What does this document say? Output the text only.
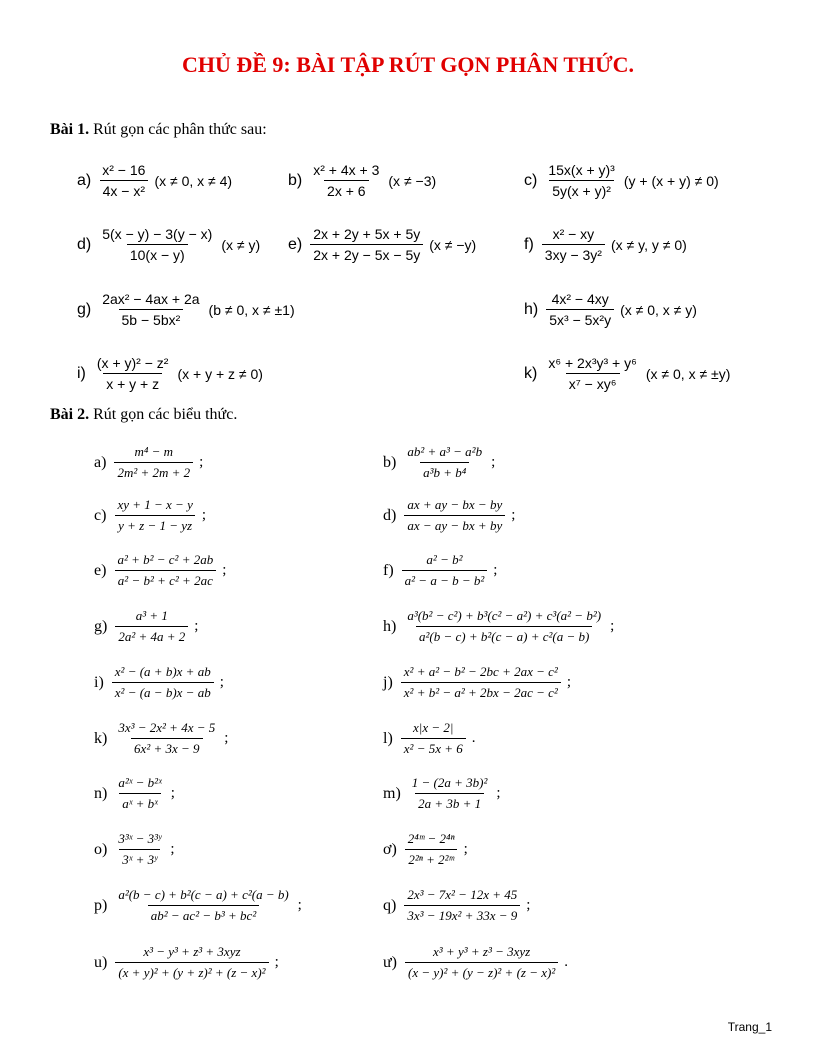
CHỦ ĐỀ 9: BÀI TẬP RÚT GỌN PHÂN THỨC.
Bài 1. Rút gọn các phân thức sau:
$a) \frac{\text{x² − 16}}{\text{4x − x²}} (x \ne 0$, x ≠ 4)	$b) \frac{\text{x² + 4x + 3}}{2x + 6} (x \ne -3)$	$c) \frac{\text{15x(x + y)³}}{\text{5y(x + y)²}} (y + (x + y) \ne 0)$
$d) \frac{5(x - y) - 3(y - x)}{10(x - y)} (x \ne y)$ $e) \frac{2x + 2y + 5x + 5y}{2x + 2y - 5x - 5y} (x \ne -y)$	$f) \frac{\text{x² − xy}}{\text{3xy − 3y²}} (x \ne y$, y ≠ 0)
$g) \frac{\text{2ax² − 4ax + 2a}}{\text{5b − 5bx²}} (b \ne 0$, x ≠ ±1)	$h) \frac{\text{4x² − 4xy}}{\text{5x³ − 5x²y}} (x \ne 0$, x ≠ y)
$i) \frac{\text{(x + y)² − z²}}{x + y + z} (x + y + z \ne 0)$	$k) \frac{\text{x⁶ + 2x³y³ + y⁶}}{\text{x⁷ − xy⁶}} (x \ne 0$, x ≠ ±y)
Bài 2. Rút gọn các biểu thức.
$a) \frac{\text{m⁴ − m}}{\text{2m² + 2m + 2}}$ ;	$b) \frac{\text{ab² + a³ − a²b}}{\text{a³b + b⁴}}$ ;
$c) \frac{xy + 1 - x - y}{y + z - 1 - yz}$ ;	$d) \frac{ax + ay - bx - by}{ax - ay - bx + by}$ ;
$e) \frac{\text{a² + b² − c² + 2ab}}{\text{a² − b² + c² + 2ac}}$ ;	$f) \frac{\text{a² − b²}}{\text{a² − a − b − b²}}$ ;
$g) \frac{\text{a³ + 1}}{\text{2a² + 4a + 2}}$ ;	$h) \frac{\text{a³(b² − c²) + b³(c² − a²) + c³(a² − b²)}}{\text{a²(b − c) + b²(c − a) + c²(a − b)}}$ ;
$i) \frac{\text{x² − (a + b)x + ab}}{\text{x² − (a − b)x − ab}}$ ;	$j) \frac{\text{x² + a² − b² − 2bc + 2ax − c²}}{\text{x² + b² − a² + 2bx − 2ac − c²}}$ ;
$k) \frac{\text{3x³ − 2x² + 4x − 5}}{\text{6x² + 3x − 9}}$ ;	$l) \frac{x|x - 2|}{\text{x² − 5x + 6}}$ .
$n) \frac{\text{a²ˣ − b²ˣ}}{\text{aˣ + bˣ}}$ ;	$m) \frac{\text{1 − (2a + 3b)²}}{2a + 3b + 1}$ ;
$o) \frac{\text{3³ˣ − 3³ʸ}}{\text{3ˣ + 3ʸ}}$ ;	ơ) $\frac{\text{2⁴ᵐ − 2⁴ⁿ}}{\text{2²ⁿ + 2²ᵐ}}$ ;
$p) \frac{\text{a²(b − c) + b²(c − a) + c²(a − b)}}{\text{ab² − ac² − b³ + bc²}}$ ;	$q) \frac{\text{2x³ − 7x² − 12x + 45}}{\text{3x³ − 19x² + 33x − 9}}$ ;
$u) \frac{\text{x³ − y³ + z³ + 3xyz}}{\text{(x + y)² + (y + z)² + (z − x)²}}$ ;	ư) $\frac{\text{x³ + y³ + z³ − 3xyz}}{\text{(x − y)² + (y − z)² + (z − x)²}}$ .
Trang_1
